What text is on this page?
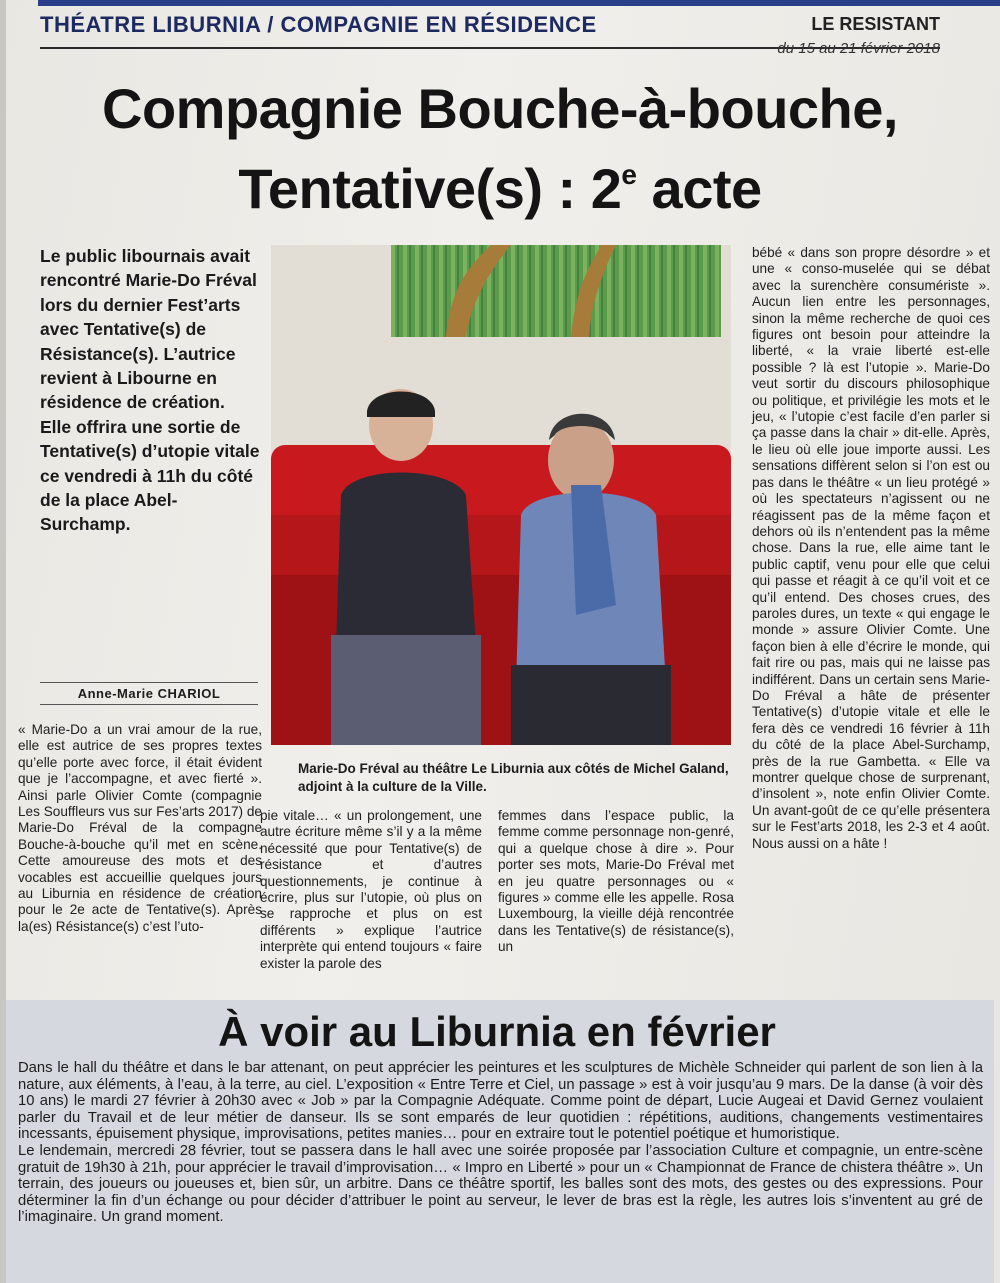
THÉATRE LIBURNIA / COMPAGNIE EN RÉSIDENCE	LE RESISTANT
du 15 au 21 février 2018
Compagnie Bouche-à-bouche,
Tentative(s) : 2e acte
Le public libournais avait rencontré Marie-Do Fréval lors du dernier Fest’arts avec Tentative(s) de Résistance(s). L’autrice revient à Libourne en résidence de création. Elle offrira une sortie de Tentative(s) d’utopie vitale ce vendredi à 11h du côté de la place Abel-Surchamp.
Anne-Marie CHARIOL
Marie-Do Fréval au théâtre Le Liburnia aux côtés de Michel Galand, adjoint à la culture de la Ville.

« Marie-Do a un vrai amour de la rue, elle est autrice de ses propres textes qu’elle porte avec force, il était évident que je l’accompagne, et avec fierté ». Ainsi parle Olivier Comte (compagnie Les Souffleurs vus sur Fes’arts 2017) de Marie-Do Fréval de la compagne Bouche-à-bouche qu’il met en scène. Cette amoureuse des mots et des vocables est accueillie quelques jours au Liburnia en résidence de création pour le 2e acte de Tentative(s). Après la(es) Résistance(s) c’est l’uto-

pie vitale… « un prolongement, une autre écriture même s’il y a la même nécessité que pour Tentative(s) de résistance et d’autres questionnements, je continue à écrire, plus sur l’utopie, où plus on se rapproche et plus on est différents » explique l’autrice interprète qui entend toujours « faire exister la parole des

femmes dans l’espace public, la femme comme personnage non-genré, qui a quelque chose à dire ». Pour porter ses mots, Marie-Do Fréval met en jeu quatre personnages ou « figures » comme elle les appelle. Rosa Luxembourg, la vieille déjà rencontrée dans les Tentative(s) de résistance(s), un

bébé « dans son propre désordre » et une « conso-muselée qui se débat avec la surenchère consumériste ». Aucun lien entre les personnages, sinon la même recherche de quoi ces figures ont besoin pour atteindre la liberté, « la vraie liberté est-elle possible ? là est l’utopie ». Marie-Do veut sortir du discours philosophique ou politique, et privilégie les mots et le jeu, « l’utopie c’est facile d’en parler si ça passe dans la chair » dit-elle. Après, le lieu où elle joue importe aussi. Les sensations diffèrent selon si l’on est ou pas dans le théâtre « un lieu protégé » où les spectateurs n’agissent ou ne réagissent pas de la même façon et dehors où ils n’entendent pas la même chose. Dans la rue, elle aime tant le public captif, venu pour elle que celui qui passe et réagit à ce qu’il voit et ce qu’il entend. Des choses crues, des paroles dures, un texte « qui engage le monde » assure Olivier Comte. Une façon bien à elle d’écrire le monde, qui fait rire ou pas, mais qui ne laisse pas indifférent. Dans un certain sens Marie-Do Fréval a hâte de présenter Tentative(s) d’utopie vitale et elle le fera dès ce vendredi 16 février à 11h du côté de la place Abel-Surchamp, près de la rue Gambetta. « Elle va montrer quelque chose de surprenant, d’insolent », note enfin Olivier Comte. Un avant-goût de ce qu’elle présentera sur le Fest’arts 2018, les 2-3 et 4 août. Nous aussi on a hâte !

À voir au Liburnia en février

Dans le hall du théâtre et dans le bar attenant, on peut apprécier les peintures et les sculptures de Michèle Schneider qui parlent de son lien à la nature, aux éléments, à l’eau, à la terre, au ciel. L’exposition « Entre Terre et Ciel, un passage » est à voir jusqu’au 9 mars. De la danse (à voir dès 10 ans) le mardi 27 février à 20h30 avec « Job » par la Compagnie Adéquate. Comme point de départ, Lucie Augeai et David Gernez voulaient parler du Travail et de leur métier de danseur. Ils se sont emparés de leur quotidien : répétitions, auditions, changements vestimentaires incessants, épuisement physique, improvisations, petites manies… pour en extraire tout le potentiel poétique et humoristique.

Le lendemain, mercredi 28 février, tout se passera dans le hall avec une soirée proposée par l’association Culture et compagnie, un entre-scène gratuit de 19h30 à 21h, pour apprécier le travail d’improvisation… « Impro en Liberté » pour un « Championnat de France de chistera théâtre ». Un terrain, des joueurs ou joueuses et, bien sûr, un arbitre. Dans ce théâtre sportif, les balles sont des mots, des gestes ou des expressions. Pour déterminer la fin d’un échange ou pour décider d’attribuer le point au serveur, le lever de bras est la règle, les autres lois s’inventent au gré de l’imaginaire. Un grand moment.
